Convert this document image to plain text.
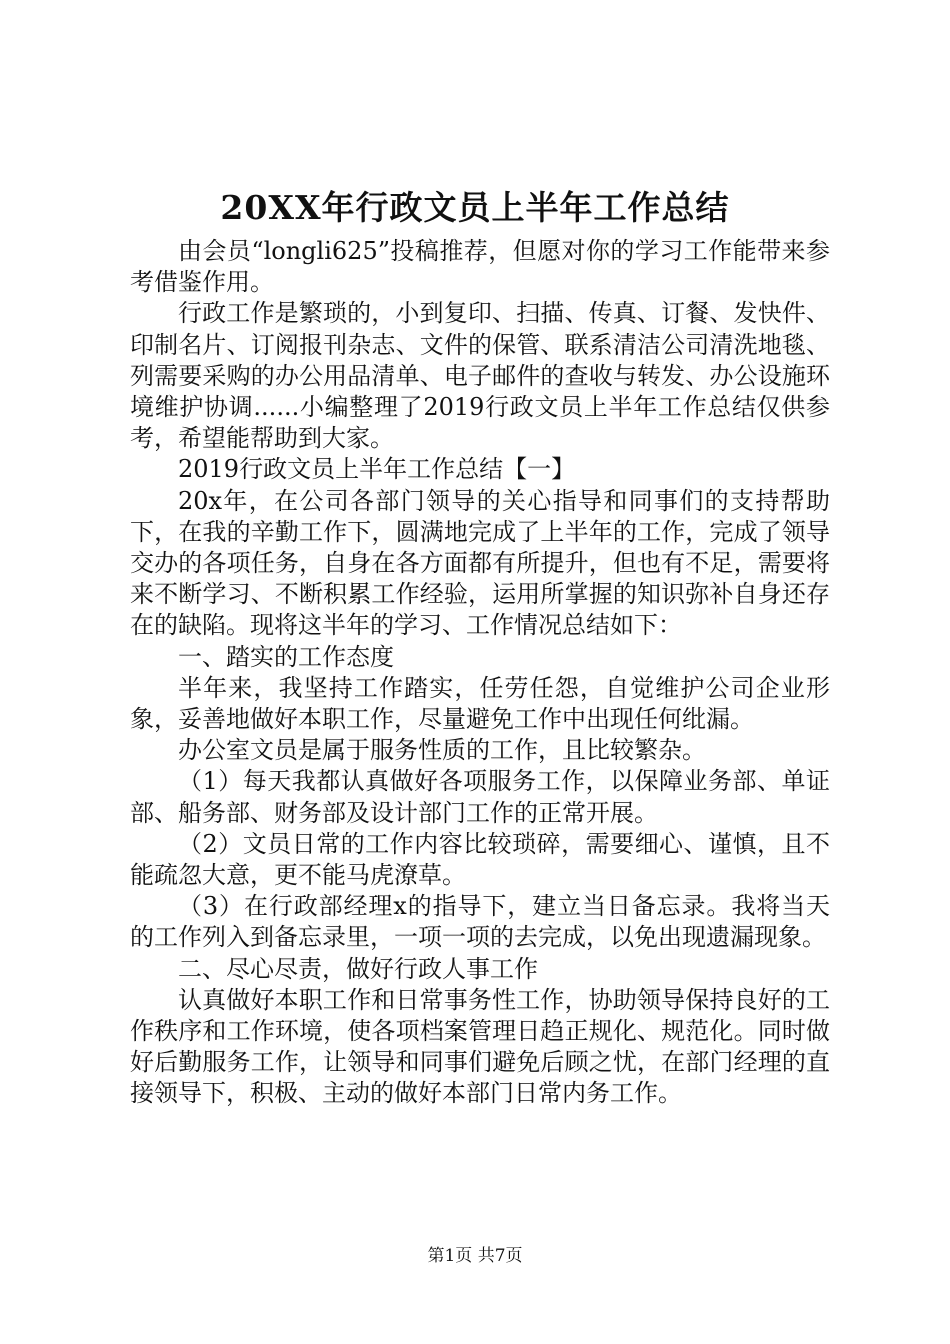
20XX年行政文员上半年工作总结

由会员“longli625”投稿推荐，但愿对你的学习工作能带来参考借鉴作用。

行政工作是繁琐的，小到复印、扫描、传真、订餐、发快件、印制名片、订阅报刊杂志、文件的保管、联系清洁公司清洗地毯、列需要采购的办公用品清单、电子邮件的查收与转发、办公设施环境维护协调......小编整理了2019行政文员上半年工作总结仅供参考，希望能帮助到大家。

2019行政文员上半年工作总结【一】

20x年，在公司各部门领导的关心指导和同事们的支持帮助下，在我的辛勤工作下，圆满地完成了上半年的工作，完成了领导交办的各项任务，自身在各方面都有所提升，但也有不足，需要将来不断学习、不断积累工作经验，运用所掌握的知识弥补自身还存在的缺陷。现将这半年的学习、工作情况总结如下：

一、踏实的工作态度

半年来，我坚持工作踏实，任劳任怨，自觉维护公司企业形象，妥善地做好本职工作，尽量避免工作中出现任何纰漏。

办公室文员是属于服务性质的工作，且比较繁杂。

（1）每天我都认真做好各项服务工作，以保障业务部、单证部、船务部、财务部及设计部门工作的正常开展。

（2）文员日常的工作内容比较琐碎，需要细心、谨慎，且不能疏忽大意，更不能马虎潦草。

（3）在行政部经理x的指导下，建立当日备忘录。我将当天的工作列入到备忘录里，一项一项的去完成，以免出现遗漏现象。

二、尽心尽责，做好行政人事工作

认真做好本职工作和日常事务性工作，协助领导保持良好的工作秩序和工作环境，使各项档案管理日趋正规化、规范化。同时做好后勤服务工作，让领导和同事们避免后顾之忧，在部门经理的直接领导下，积极、主动的做好本部门日常内务工作。

第1页 共7页
